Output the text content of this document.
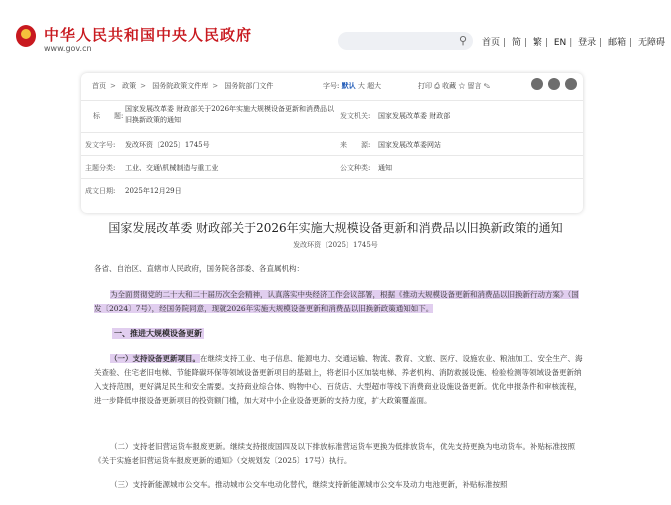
中华人民共和国中央人民政府
www.gov.cn
⚲ 首页 | 简 | 繁 | EN | 登录 | 邮箱 | 无障碍
首页 > 政策 > 国务院政策文件库 > 国务院部门文件	字号: 默认 大 超大	打印 ⎙ 收藏 ☆ 留言 ✎

标　　题:
国家发展改革委 财政部关于2026年实施大规模设备更新和消费品以旧换新政策的通知	发文机关: 国家发展改革委 财政部
发文字号: 发改环资〔2025〕1745号	来　　源: 国家发展改革委网站
主题分类: 工业、交通\机械制造与重工业	公文种类: 通知
成文日期: 2025年12月29日
国家发展改革委 财政部关于2026年实施大规模设备更新和消费品以旧换新政策的通知
发改环资〔2025〕1745号
各省、自治区、直辖市人民政府，国务院各部委、各直属机构：
为全面贯彻党的二十大和二十届历次全会精神，认真落实中央经济工作会议部署，根据《推动大规模设备更新和消费品以旧换新行动方案》（国发〔2024〕7号），经国务院同意，现就2026年实施大规模设备更新和消费品以旧换新政策通知如下。
一、推进大规模设备更新
（一）支持设备更新项目。在继续支持工业、电子信息、能源电力、交通运输、物流、教育、文旅、医疗、设施农业、粮油加工、安全生产、海关查验、住宅老旧电梯、节能降碳环保等领域设备更新项目的基础上，将老旧小区加装电梯、养老机构、消防救援设施、检验检测等领域设备更新纳入支持范围，更好满足民生和安全需要。支持商业综合体、购物中心、百货店、大型超市等线下消费商业设施设备更新。优化申报条件和审核流程，进一步降低申报设备更新项目的投资额门槛，加大对中小企业设备更新的支持力度，扩大政策覆盖面。
（二）支持老旧营运货车报废更新。继续支持报废国四及以下排放标准营运货车更换为低排放货车，优先支持更换为电动货车。补贴标准按照《关于实施老旧营运货车报废更新的通知》（交规划发〔2025〕17号）执行。
（三）支持新能源城市公交车。推动城市公交车电动化替代，继续支持新能源城市公交车及动力电池更新，补贴标准按照
